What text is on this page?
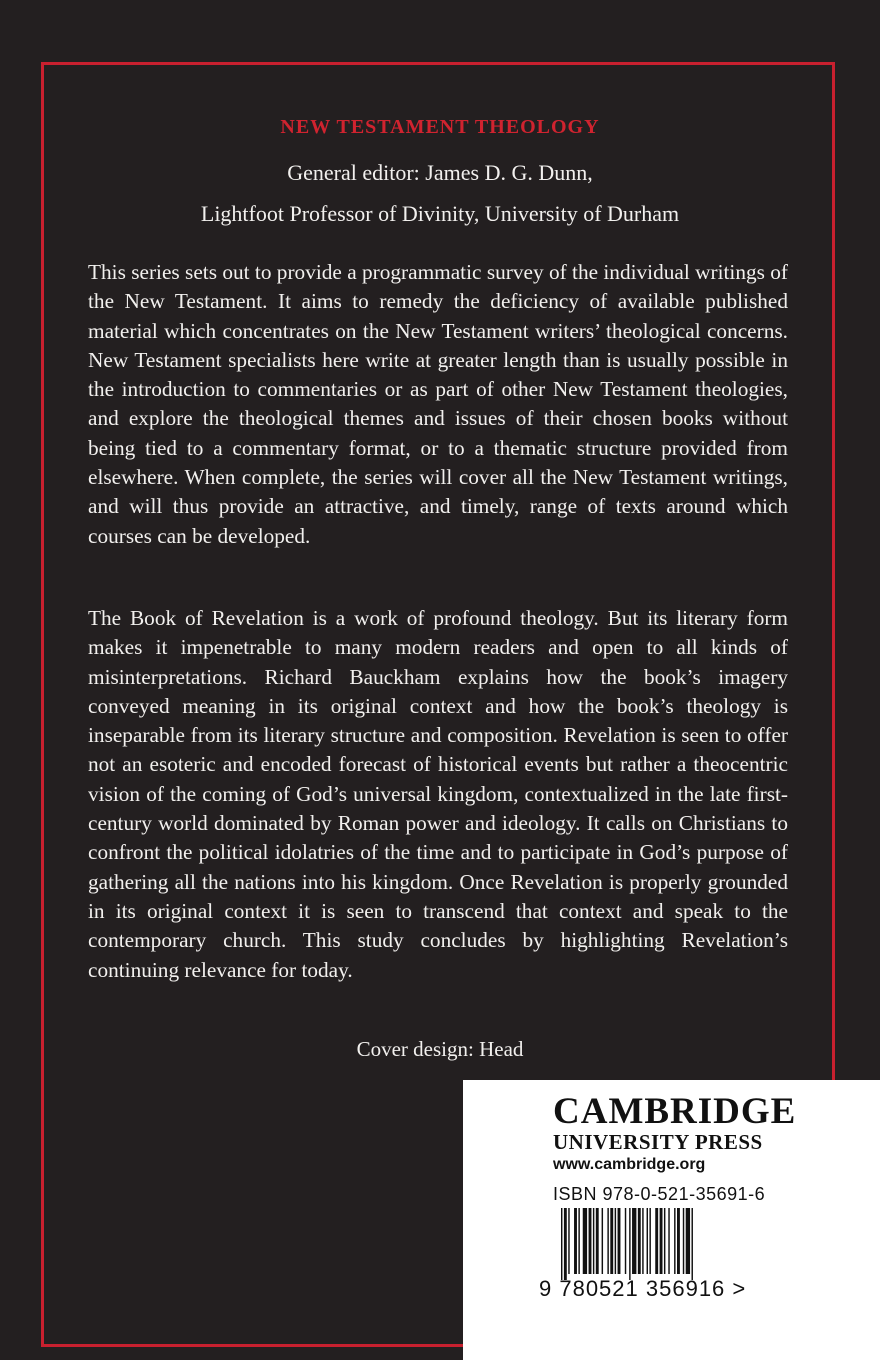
NEW TESTAMENT THEOLOGY
General editor: James D. G. Dunn,
Lightfoot Professor of Divinity, University of Durham

This series sets out to provide a programmatic survey of the individual writings of the New Testament. It aims to remedy the deficiency of available published material which concentrates on the New Testament writers’ theological concerns. New Testament specialists here write at greater length than is usually possible in the introduction to commentaries or as part of other New Testament theologies, and explore the theological themes and issues of their chosen books without being tied to a commentary format, or to a thematic structure provided from elsewhere. When complete, the series will cover all the New Testament writings, and will thus provide an attractive, and timely, range of texts around which courses can be developed.

The Book of Revelation is a work of profound theology. But its literary form makes it impenetrable to many modern readers and open to all kinds of misinterpretations. Richard Bauckham explains how the book’s imagery conveyed meaning in its original context and how the book’s theology is inseparable from its literary structure and composition. Revelation is seen to offer not an esoteric and encoded forecast of historical events but rather a theocentric vision of the coming of God’s universal kingdom, contextualized in the late first-century world dominated by Roman power and ideology. It calls on Christians to confront the political idolatries of the time and to participate in God’s purpose of gathering all the nations into his kingdom. Once Revelation is properly grounded in its original context it is seen to transcend that context and speak to the contemporary church. This study concludes by highlighting Revelation’s continuing relevance for today.

Cover design: Head
CAMBRIDGE
UNIVERSITY PRESS
www.cambridge.org
ISBN 978-0-521-35691-6
9 780521 356916 >
